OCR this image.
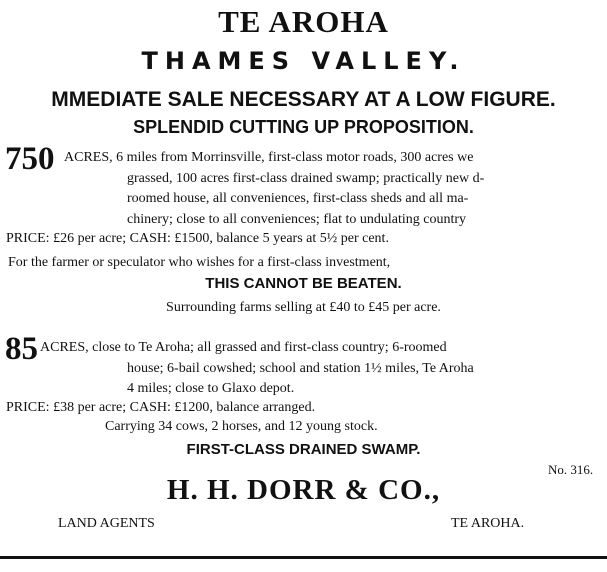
TE AROHA
THAMES VALLEY.
MMEDIATE SALE NECESSARY AT A LOW FIGURE.
SPLENDID CUTTING UP PROPOSITION.
750 ACRES, 6 miles from Morrinsville, first-class motor roads, 300 acres we
grassed, 100 acres first-class drained swamp; practically new d-
roomed house, all conveniences, first-class sheds and all ma-
chinery; close to all conveniences; flat to undulating country
PRICE: £26 per acre; CASH: £1500, balance 5 years at 5½ per cent.
For the farmer or speculator who wishes for a first-class investment,
THIS CANNOT BE BEATEN.
Surrounding farms selling at £40 to £45 per acre.
85 ACRES, close to Te Aroha; all grassed and first-class country; 6-roomed
house; 6-bail cowshed; school and station 1½ miles, Te Aroha
4 miles; close to Glaxo depot.
PRICE: £38 per acre; CASH: £1200, balance arranged.
Carrying 34 cows, 2 horses, and 12 young stock.
FIRST-CLASS DRAINED SWAMP.
No. 316.
H. H. DORR & CO.,
LAND AGENTS	TE AROHA.
